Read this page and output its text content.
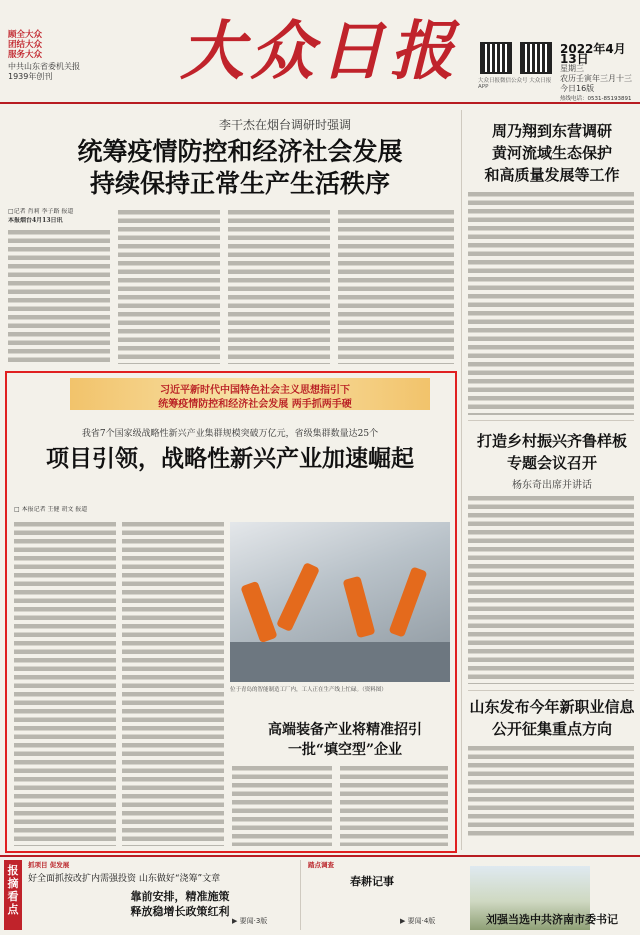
顾全大众
团结大众
服务大众
中共山东省委机关报
1939年创刊	大众日报	大众日报微信公众号 大众日报APP
2022年4月13日
星期三
农历壬寅年三月十三
今日16版
热线电话：0531-85193891
李干杰在烟台调研时强调
统筹疫情防控和经济社会发展
持续保持正常生产生活秩序
□记者 肖莉 李子路 报道
本报烟台4月13日讯
周乃翔到东营调研
黄河流域生态保护
和高质量发展等工作
打造乡村振兴齐鲁样板
专题会议召开
杨东奇出席并讲话
山东发布今年新职业信息
公开征集重点方向
习近平新时代中国特色社会主义思想指引下
统筹疫情防控和经济社会发展 两手抓两手硬
我省7个国家级战略性新兴产业集群规模突破万亿元，省级集群数量达25个
项目引领，战略性新兴产业加速崛起
□ 本报记者 王健 胡文 报道
位于青岛的智能制造工厂内，工人正在生产线上忙碌。（资料图）
高端装备产业将精准招引
一批“填空型”企业
报摘看点
抓项目 促发展
好全面抓按改扩内需强投资 山东做好“浇筹”文章
靠前安排，精准施策
释放稳增长政策红利
▶ 要闻·3版
踏点调查
春耕记事
▶ 要闻·4版	刘强当选中共济南市委书记
